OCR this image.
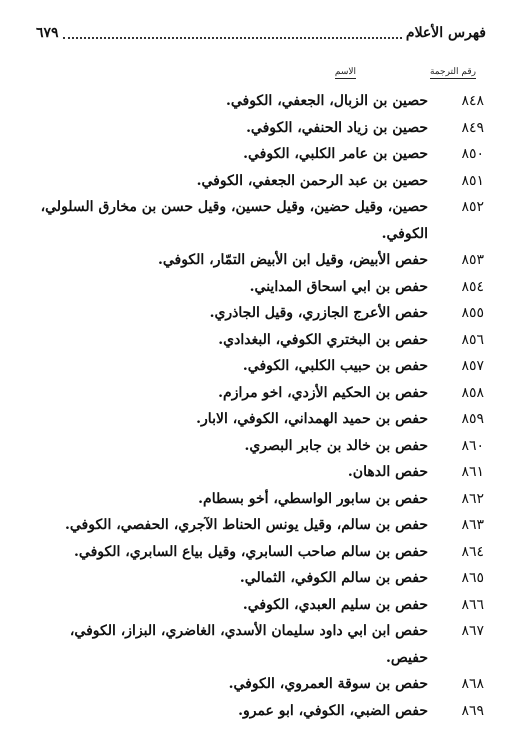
فهرس الأعلام
٦٧٩
رقم الترجمة
الاسم
٨٤٨
حصين بن الزبال، الجعفي، الكوفي.
٨٤٩
حصين بن زياد الحنفي، الكوفي.
٨٥٠
حصين بن عامر الكلبي، الكوفي.
٨٥١
حصين بن عبد الرحمن الجعفي، الكوفي.
٨٥٢
حصين، وقيل حضين، وقيل حسين، وقيل حسن بن مخارق السلولي، الكوفي.
٨٥٣
حفص الأبيض، وقيل ابن الأبيض التمّار، الكوفي.
٨٥٤
حفص بن ابي اسحاق المدايني.
٨٥٥
حفص الأعرج الجازري، وقيل الجاذري.
٨٥٦
حفص بن البختري الكوفي، البغدادي.
٨٥٧
حفص بن حبيب الكلبي، الكوفي.
٨٥٨
حفص بن الحكيم الأزدي، اخو مرازم.
٨٥٩
حفص بن حميد الهمداني، الكوفي، الابار.
٨٦٠
حفص بن خالد بن جابر البصري.
٨٦١
حفص الدهان.
٨٦٢
حفص بن سابور الواسطي، أخو بسطام.
٨٦٣
حفص بن سالم، وقيل يونس الحناط الآجري، الحفصي، الكوفي.
٨٦٤
حفص بن سالم صاحب السابري، وقيل بياع السابري، الكوفي.
٨٦٥
حفص بن سالم الكوفي، الثمالي.
٨٦٦
حفص بن سليم العبدي، الكوفي.
٨٦٧
حفص ابن ابي داود سليمان الأسدي، الغاضري، البزاز، الكوفي، حفيص.
٨٦٨
حفص بن سوقة العمروي، الكوفي.
٨٦٩
حفص الضبي، الكوفي، ابو عمرو.
